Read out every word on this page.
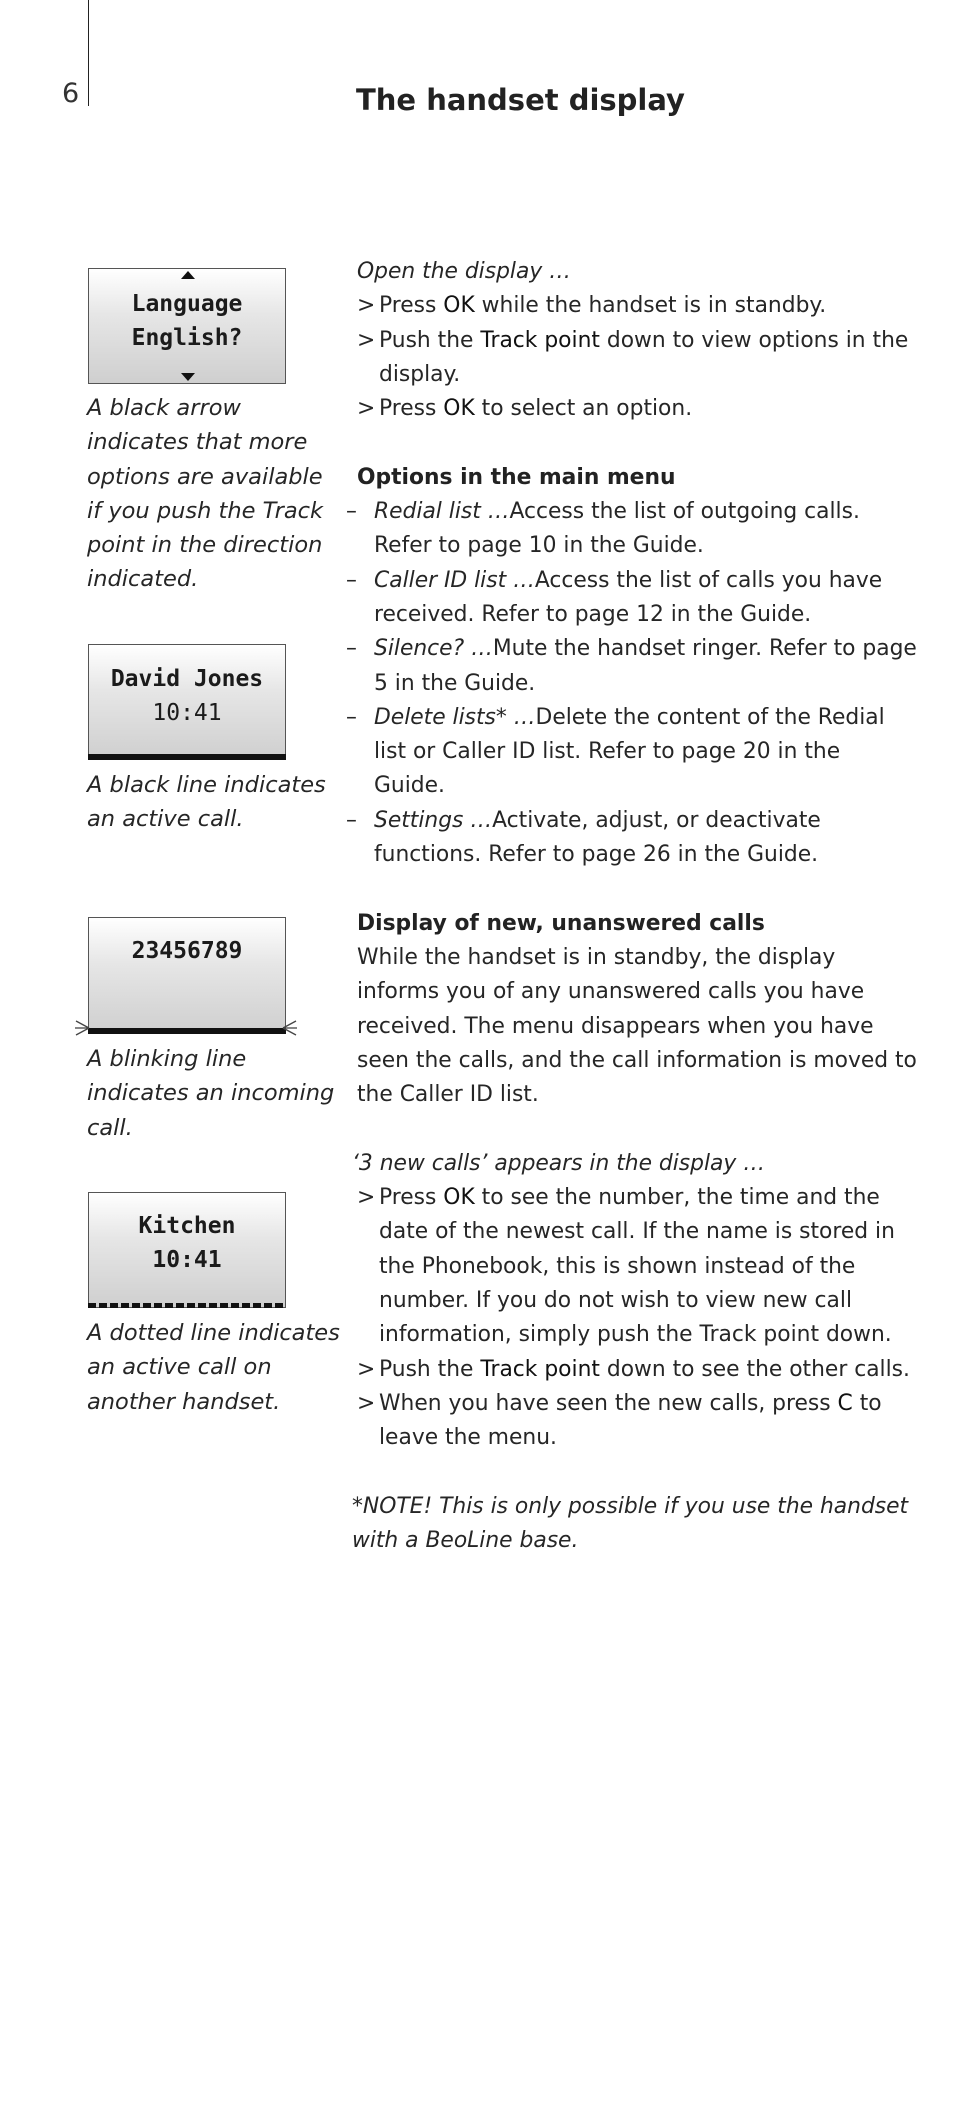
6	The handset display
Language
English?
A black arrow indicates that more options are available if you push the Track point in the direction indicated.
David Jones
10:41
A black line indicates an active call.
23456789
A blinking line indicates an incoming call.
Kitchen
10:41
A dotted line indicates an active call on another handset.

Open the display …

> Press OK while the handset is in standby.

> Push the Track point down to view options in the display.

> Press OK to select an option.

Options in the main menu

– Redial list …Access the list of outgoing calls. Refer to page 10 in the Guide.

– Caller ID list …Access the list of calls you have received. Refer to page 12 in the Guide.

– Silence? …Mute the handset ringer. Refer to page 5 in the Guide.

– Delete lists* …Delete the content of the Redial list or Caller ID list. Refer to page 20 in the Guide.

– Settings …Activate, adjust, or deactivate functions. Refer to page 26 in the Guide.

Display of new, unanswered calls

While the handset is in standby, the display informs you of any unanswered calls you have received. The menu disappears when you have seen the calls, and the call information is moved to the Caller ID list.

‘3 new calls’ appears in the display …

> Press OK to see the number, the time and the date of the newest call. If the name is stored in the Phonebook, this is shown instead of the number. If you do not wish to view new call information, simply push the Track point down.

> Push the Track point down to see the other calls.

> When you have seen the new calls, press C to leave the menu.

*NOTE! This is only possible if you use the handset with a BeoLine base.
